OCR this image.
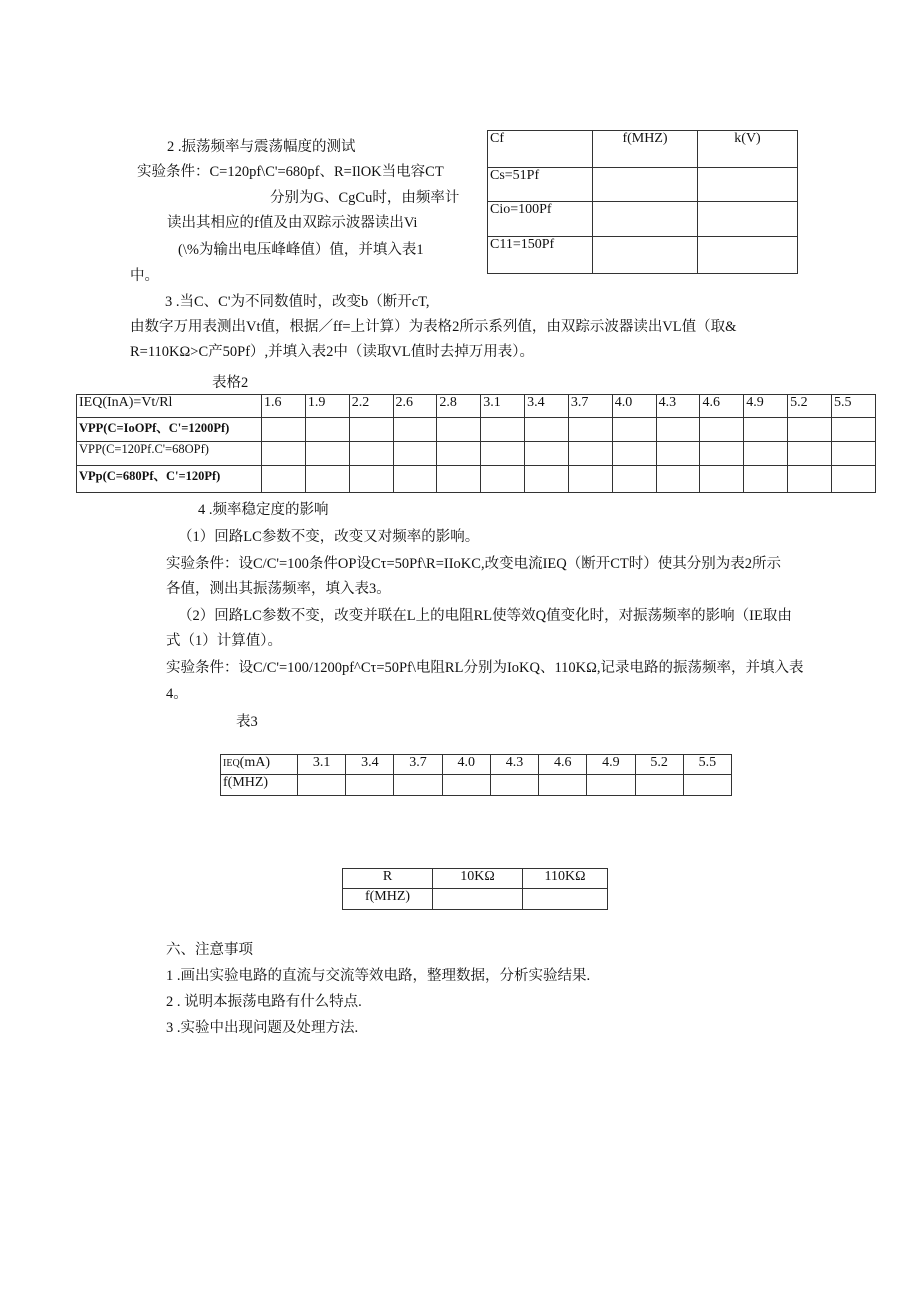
2 .振荡频率与震荡幅度的测试
实验条件：C=120pf\C'=680pf、R=IlOK当电容CT
分别为G、CgCu时，由频率计
读出其相应的f值及由双踪示波器读出Vi
(\%为输出电压峰峰值）值，并填入表1
中。
Cf	f(MHZ)	k(V)
Cs=51Pf		
Cio=100Pf		
C11=150Pf		
3 .当C、C'为不同数值时，改变b（断开cT,
由数字万用表测出Vt值，根据／ff=上计算）为表格2所示系列值，由双踪示波器读出VL值（取&
R=110KΩ>C产50Pf）,并填入表2中（读取VL值时去掉万用表）。
表格2
IEQ(InA)=Vt/Rl	1.6	1.9	2.2	2.6	2.8	3.1	3.4	3.7	4.0	4.3	4.6	4.9	5.2	5.5
VPP(C=IoOPf、C'=1200Pf)														
VPP(C=120Pf.C'=68OPf)														
VPp(C=680Pf、C'=120Pf)														
4 .频率稳定度的影响
（1）回路LC参数不变，改变又对频率的影响。
实验条件：设C/C'=100条件OP设Cτ=50Pf\R=IIoKC,改变电流IEQ（断开CT时）使其分别为表2所示
各值，测出其振荡频率，填入表3。
（2）回路LC参数不变，改变并联在L上的电阻RL使等效Q值变化时，对振荡频率的影响（IE取由
式（1）计算值）。
实验条件：设C/C'=100/1200pf^Cτ=50Pf\电阻RL分别为IoKQ、110KΩ,记录电路的振荡频率，并填入表
4。
表3
IEQ(mA)	3.1	3.4	3.7	4.0	4.3	4.6	4.9	5.2	5.5
f(MHZ)									
R	10KΩ	110KΩ
f(MHZ)		
六、注意事项
1 .画出实验电路的直流与交流等效电路，整理数据，分析实验结果.
2 . 说明本振荡电路有什么特点.
3 .实验中出现问题及处理方法.
